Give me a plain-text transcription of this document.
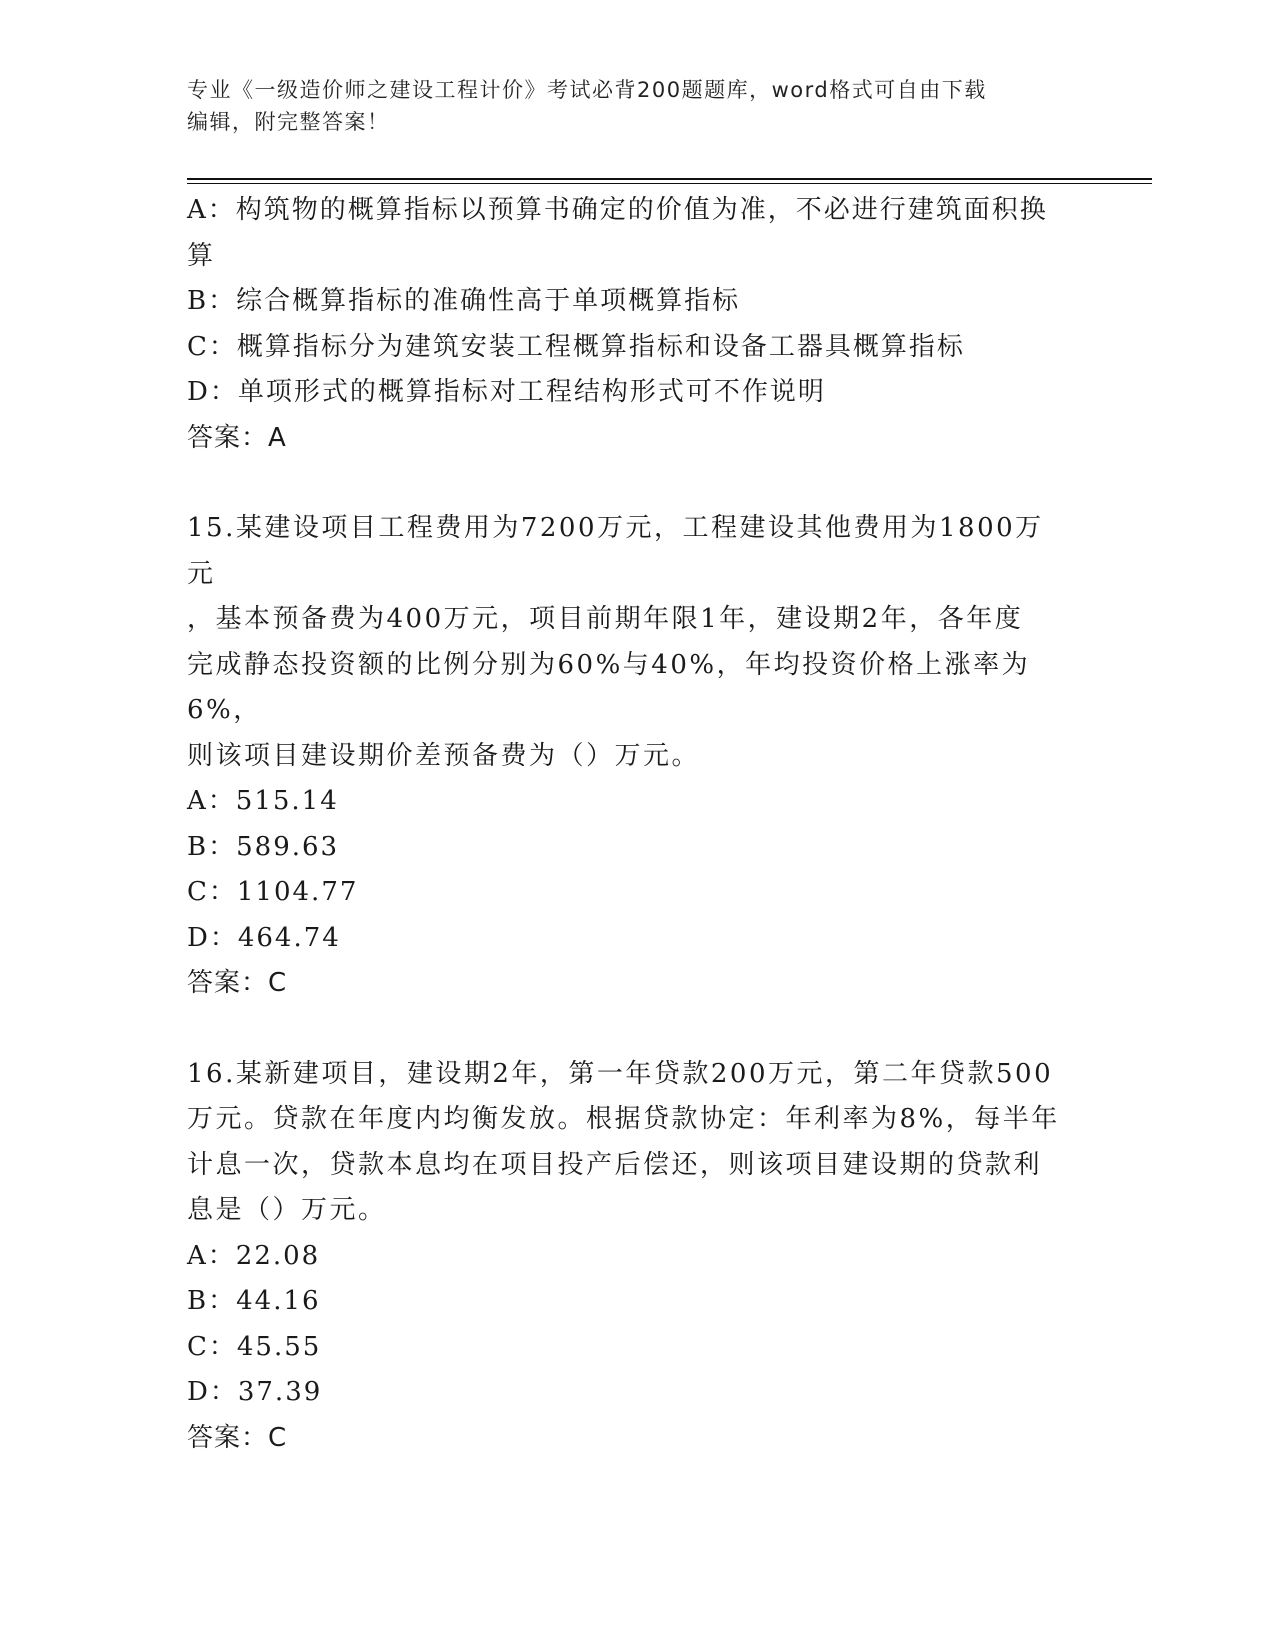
专业《一级造价师之建设工程计价》考试必背200题题库，word格式可自由下载
编辑，附完整答案！
A：构筑物的概算指标以预算书确定的价值为准，不必进行建筑面积换
算
B：综合概算指标的准确性高于单项概算指标
C：概算指标分为建筑安装工程概算指标和设备工器具概算指标
D：单项形式的概算指标对工程结构形式可不作说明
答案：A
15.某建设项目工程费用为7200万元，工程建设其他费用为1800万元
，基本预备费为400万元，项目前期年限1年，建设期2年，各年度
完成静态投资额的比例分别为60%与40%，年均投资价格上涨率为6%，
则该项目建设期价差预备费为（）万元。
A：515.14
B：589.63
C：1104.77
D：464.74
答案：C
16.某新建项目，建设期2年，第一年贷款200万元，第二年贷款500
万元。贷款在年度内均衡发放。根据贷款协定：年利率为8%，每半年
计息一次，贷款本息均在项目投产后偿还，则该项目建设期的贷款利
息是（）万元。
A：22.08
B：44.16
C：45.55
D：37.39
答案：C
